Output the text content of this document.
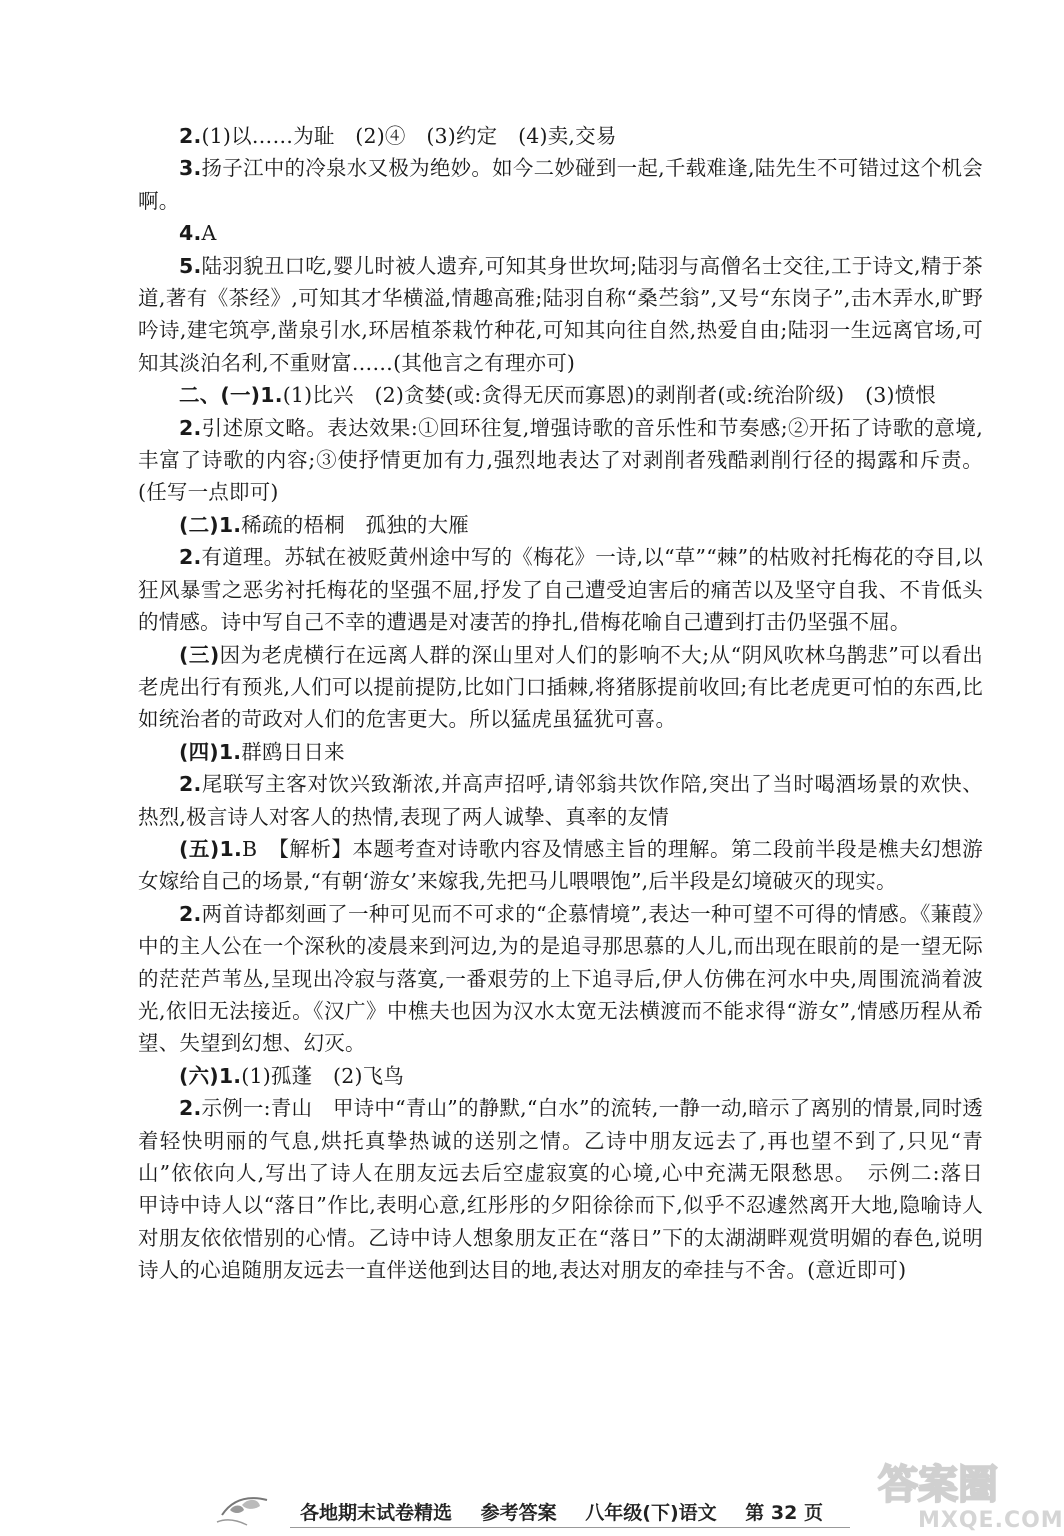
2.(1)以……为耻　(2)④　(3)约定　(4)卖,交易

3.扬子江中的冷泉水又极为绝妙。如今二妙碰到一起,千载难逢,陆先生不可错过这个机会啊。

4.A

5.陆羽貌丑口吃,婴儿时被人遗弃,可知其身世坎坷;陆羽与高僧名士交往,工于诗文,精于茶道,著有《茶经》,可知其才华横溢,情趣高雅;陆羽自称“桑苎翁”,又号“东岗子”,击木弄水,旷野吟诗,建宅筑亭,凿泉引水,环居植茶栽竹种花,可知其向往自然,热爱自由;陆羽一生远离官场,可知其淡泊名利,不重财富……(其他言之有理亦可)

二、(一)1.(1)比兴　(2)贪婪(或:贪得无厌而寡恩)的剥削者(或:统治阶级)　(3)愤恨

2.引述原文略。表达效果:①回环往复,增强诗歌的音乐性和节奏感;②开拓了诗歌的意境,丰富了诗歌的内容;③使抒情更加有力,强烈地表达了对剥削者残酷剥削行径的揭露和斥责。(任写一点即可)

(二)1.稀疏的梧桐　孤独的大雁

2.有道理。苏轼在被贬黄州途中写的《梅花》一诗,以“草”“棘”的枯败衬托梅花的夺目,以狂风暴雪之恶劣衬托梅花的坚强不屈,抒发了自己遭受迫害后的痛苦以及坚守自我、不肯低头的情感。诗中写自己不幸的遭遇是对凄苦的挣扎,借梅花喻自己遭到打击仍坚强不屈。

(三)因为老虎横行在远离人群的深山里对人们的影响不大;从“阴风吹林乌鹊悲”可以看出老虎出行有预兆,人们可以提前提防,比如门口插棘,将猪豚提前收回;有比老虎更可怕的东西,比如统治者的苛政对人们的危害更大。所以猛虎虽猛犹可喜。

(四)1.群鸥日日来

2.尾联写主客对饮兴致渐浓,并高声招呼,请邻翁共饮作陪,突出了当时喝酒场景的欢快、热烈,极言诗人对客人的热情,表现了两人诚挚、真率的友情

(五)1.B　【解析】本题考查对诗歌内容及情感主旨的理解。第二段前半段是樵夫幻想游女嫁给自己的场景,“有朝‘游女’来嫁我,先把马儿喂喂饱”,后半段是幻境破灭的现实。

2.两首诗都刻画了一种可见而不可求的“企慕情境”,表达一种可望不可得的情感。《蒹葭》中的主人公在一个深秋的凌晨来到河边,为的是追寻那思慕的人儿,而出现在眼前的是一望无际的茫茫芦苇丛,呈现出冷寂与落寞,一番艰劳的上下追寻后,伊人仿佛在河水中央,周围流淌着波光,依旧无法接近。《汉广》中樵夫也因为汉水太宽无法横渡而不能求得“游女”,情感历程从希望、失望到幻想、幻灭。

(六)1.(1)孤蓬　(2)飞鸟

2.示例一:青山　甲诗中“青山”的静默,“白水”的流转,一静一动,暗示了离别的情景,同时透着轻快明丽的气息,烘托真挚热诚的送别之情。乙诗中朋友远去了,再也望不到了,只见“青山”依依向人,写出了诗人在朋友远去后空虚寂寞的心境,心中充满无限愁思。　示例二:落日　甲诗中诗人以“落日”作比,表明心意,红彤彤的夕阳徐徐而下,似乎不忍遽然离开大地,隐喻诗人对朋友依依惜别的心情。乙诗中诗人想象朋友正在“落日”下的太湖湖畔观赏明媚的春色,说明诗人的心追随朋友远去一直伴送他到达目的地,表达对朋友的牵挂与不舍。(意近即可)

各地期末试卷精选 参考答案 八年级(下)语文 第 32 页
答案圈
MXQE.COM
